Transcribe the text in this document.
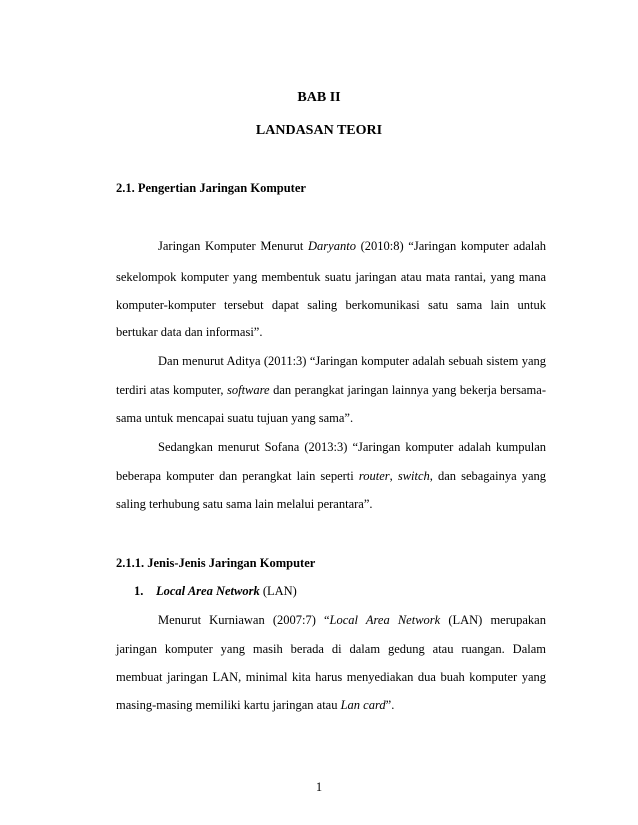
BAB II
LANDASAN TEORI
2.1. Pengertian Jaringan Komputer
Jaringan Komputer Menurut Daryanto (2010:8) “Jaringan komputer adalah
sekelompok komputer yang membentuk suatu jaringan atau mata rantai, yang mana
komputer-komputer tersebut dapat saling berkomunikasi satu sama lain untuk
bertukar data dan informasi”.
Dan menurut Aditya (2011:3) “Jaringan komputer adalah sebuah sistem yang
terdiri atas komputer, software dan perangkat jaringan lainnya yang bekerja bersama-
sama untuk mencapai suatu tujuan yang sama”.
Sedangkan menurut Sofana (2013:3) “Jaringan komputer adalah kumpulan
beberapa komputer dan perangkat lain seperti router, switch, dan sebagainya yang
saling terhubung satu sama lain melalui perantara”.
2.1.1. Jenis-Jenis Jaringan Komputer
1. Local Area Network (LAN)
Menurut Kurniawan (2007:7) “Local Area Network (LAN) merupakan
jaringan komputer yang masih berada di dalam gedung atau ruangan. Dalam
membuat jaringan LAN, minimal kita harus menyediakan dua buah komputer yang
masing-masing memiliki kartu jaringan atau Lan card”.
1
